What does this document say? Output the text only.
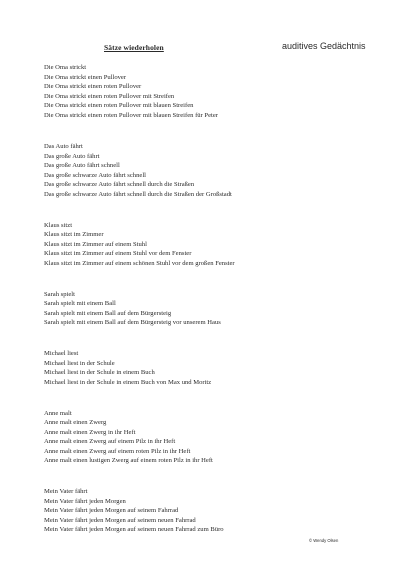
Sätze wiederholen	auditives Gedächtnis
Die Oma strickt
Die Oma strickt einen Pullover
Die Oma strickt einen roten Pullover
Die Oma strickt einen roten Pullover mit Streifen
Die Oma strickt einen roten Pullover mit blauen Streifen
Die Oma strickt einen roten Pullover mit blauen Streifen für Peter
Das Auto fährt
Das große Auto fährt
Das große Auto fährt schnell
Das große schwarze Auto fährt schnell
Das große schwarze Auto fährt schnell durch die Straßen
Das große schwarze Auto fährt schnell durch die Straßen der Großstadt
Klaus sitzt
Klaus sitzt im Zimmer
Klaus sitzt im Zimmer auf einem Stuhl
Klaus sitzt im Zimmer auf einem Stuhl vor dem Fenster
Klaus sitzt im Zimmer auf einem schönen Stuhl vor dem großen Fenster
Sarah spielt
Sarah spielt mit einem Ball
Sarah spielt mit einem Ball auf dem Bürgersteig
Sarah spielt mit einem Ball auf dem Bürgersteig vor unserem Haus
Michael liest
Michael liest in der Schule
Michael liest in der Schule in einem Buch
Michael liest in der Schule in einem Buch von Max und Moritz
Anne malt
Anne malt einen Zwerg
Anne malt einen Zwerg in ihr Heft
Anne malt einen Zwerg auf einem Pilz in ihr Heft
Anne malt einen Zwerg auf einem roten Pilz in ihr Heft
Anne malt einen lustigen Zwerg auf einem roten Pilz in ihr Heft
Mein Vater fährt
Mein Vater fährt jeden Morgen
Mein Vater fährt jeden Morgen auf seinem Fahrrad
Mein Vater fährt jeden Morgen auf seinem neuen Fahrrad
Mein Vater fährt jeden Morgen auf seinem neuen Fahrrad zum Büro
© Wendy Olsen
